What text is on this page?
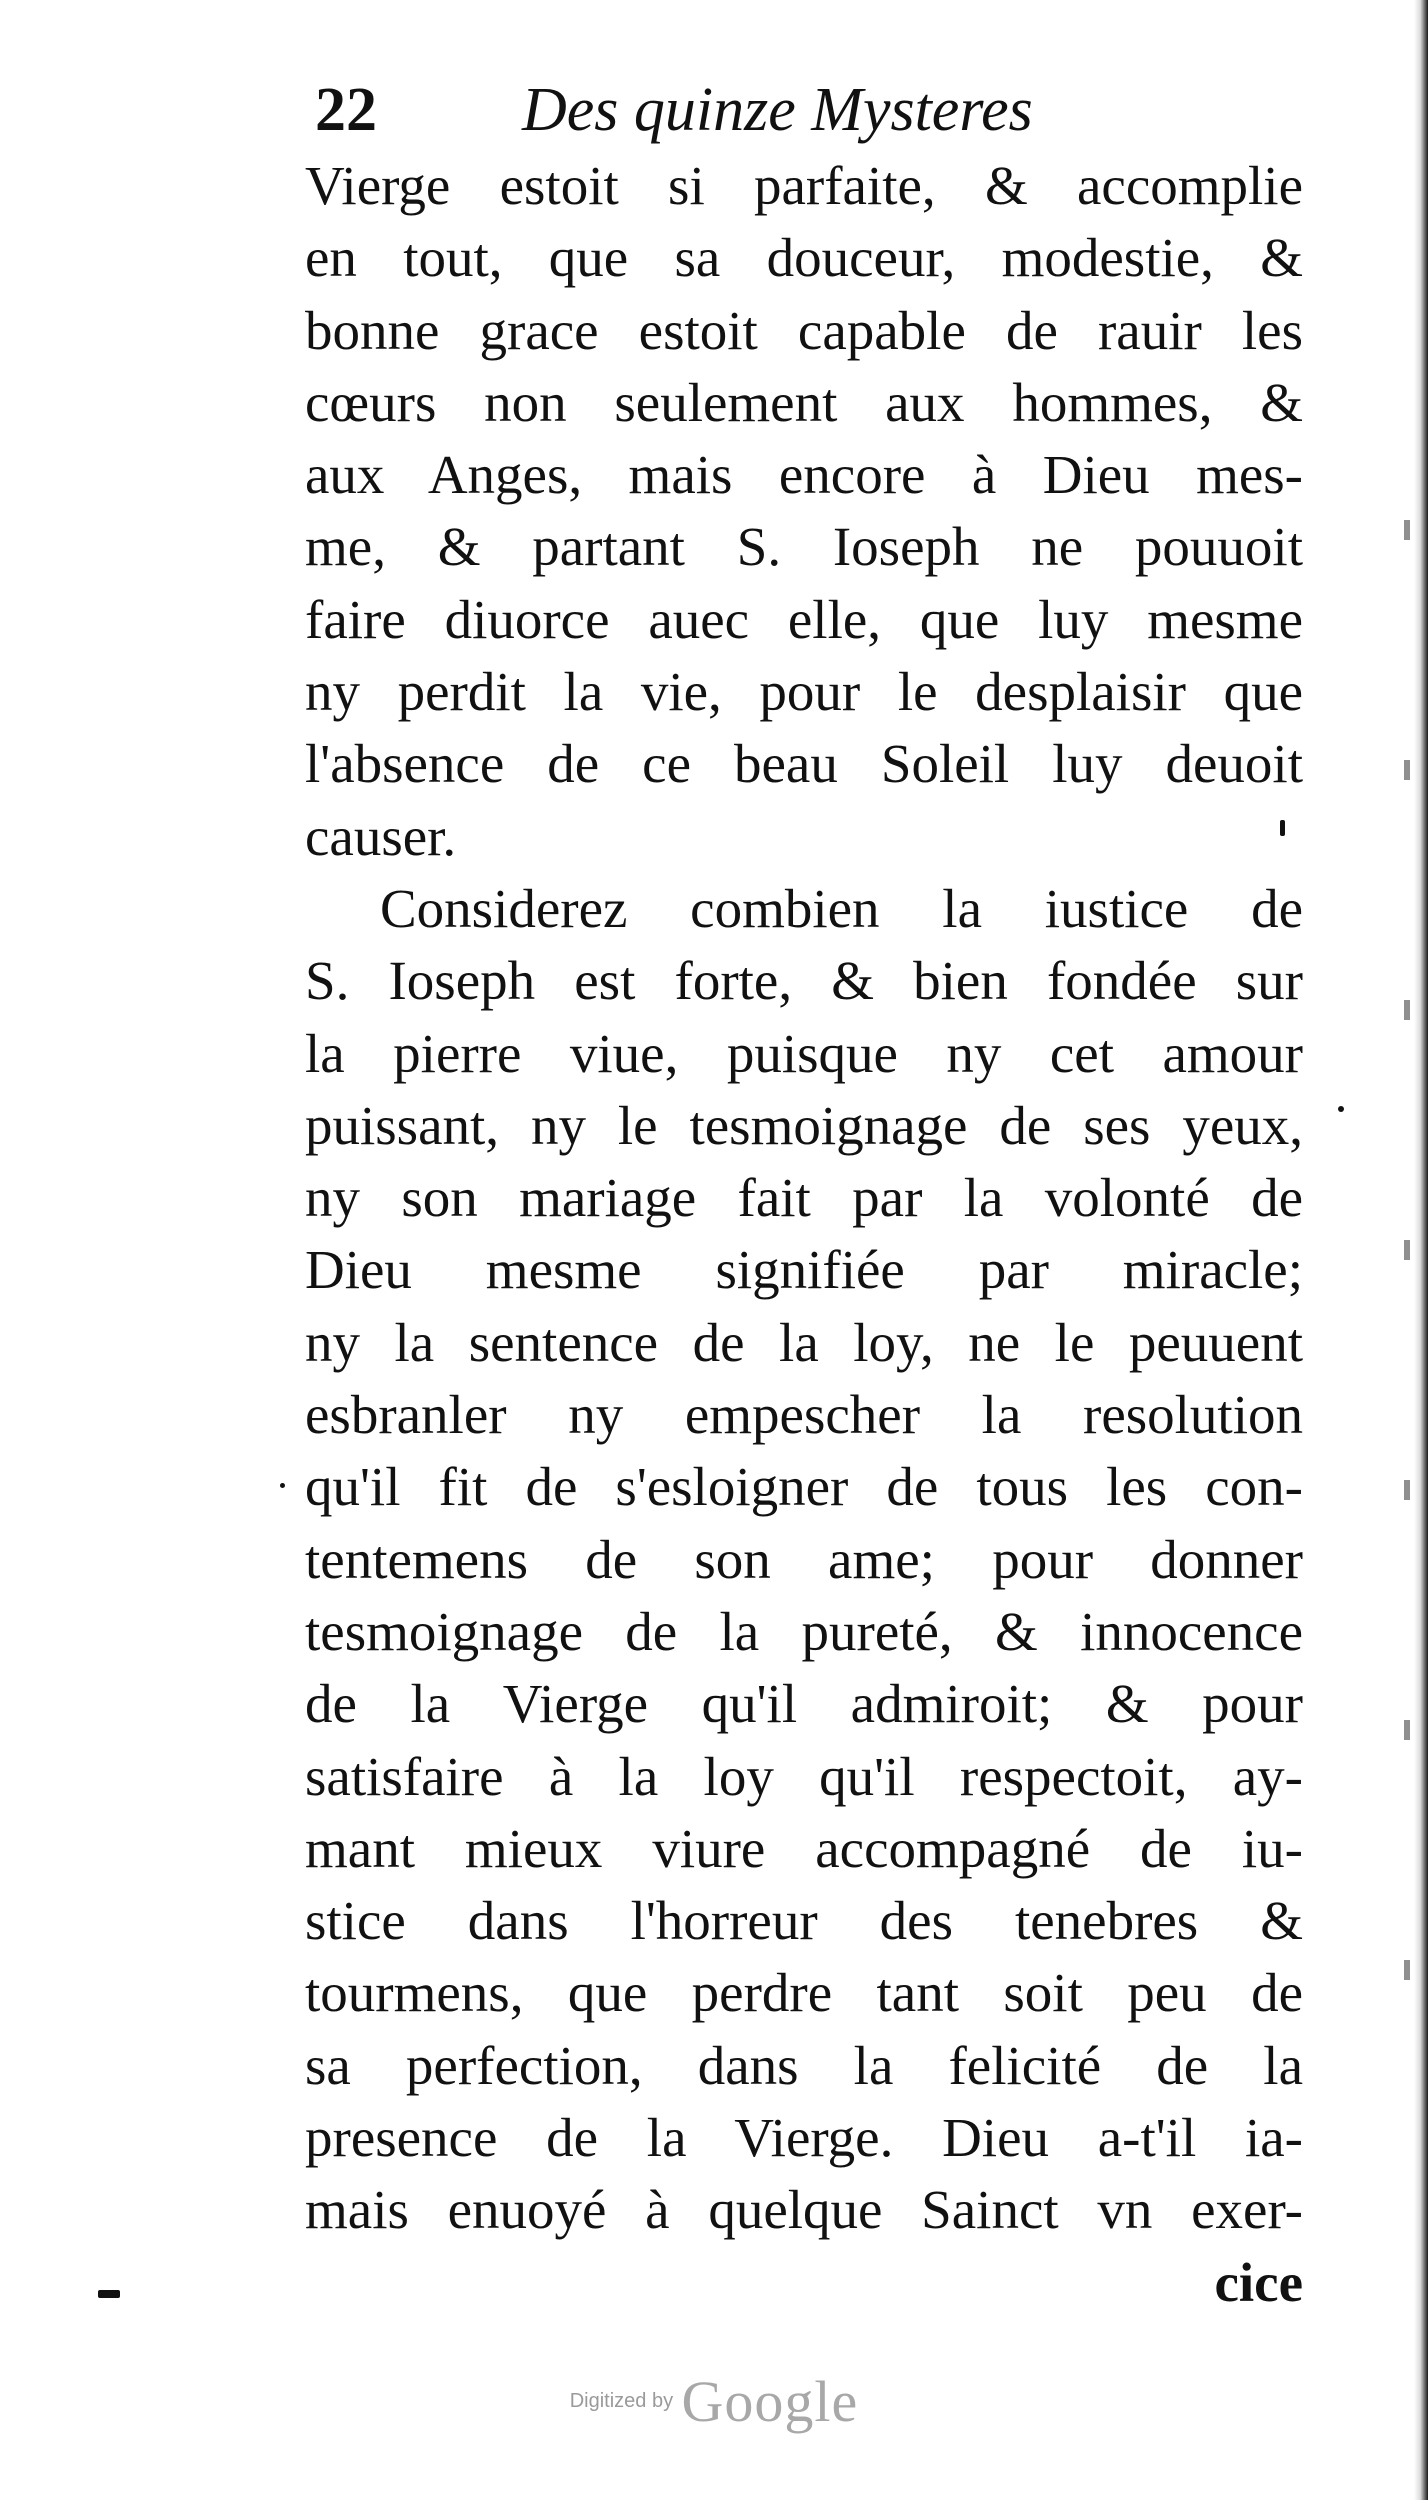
22 Des quinze Mysteres
Vierge estoit si parfaite, & accomplie
en tout, que sa douceur, modestie, &
bonne grace estoit capable de rauir les
cœurs non seulement aux hommes, &
aux Anges, mais encore à Dieu mes-
me, & partant S. Ioseph ne pouuoit
faire diuorce auec elle, que luy mesme
ny perdit la vie, pour le desplaisir que
l'absence de ce beau Soleil luy deuoit
causer.
Considerez combien la iustice de
S. Ioseph est forte, & bien fondée sur
la pierre viue, puisque ny cet amour
puissant, ny le tesmoignage de ses yeux,
ny son mariage fait par la volonté de
Dieu mesme signifiée par miracle;
ny la sentence de la loy, ne le peuuent
esbranler ny empescher la resolution
qu'il fit de s'esloigner de tous les con-
tentemens de son ame; pour donner
tesmoignage de la pureté, & innocence
de la Vierge qu'il admiroit; & pour
satisfaire à la loy qu'il respectoit, ay-
mant mieux viure accompagné de iu-
stice dans l'horreur des tenebres &
tourmens, que perdre tant soit peu de
sa perfection, dans la felicité de la
presence de la Vierge. Dieu a-t'il ia-
mais enuoyé à quelque Sainct vn exer-
cice
Digitized by Google
